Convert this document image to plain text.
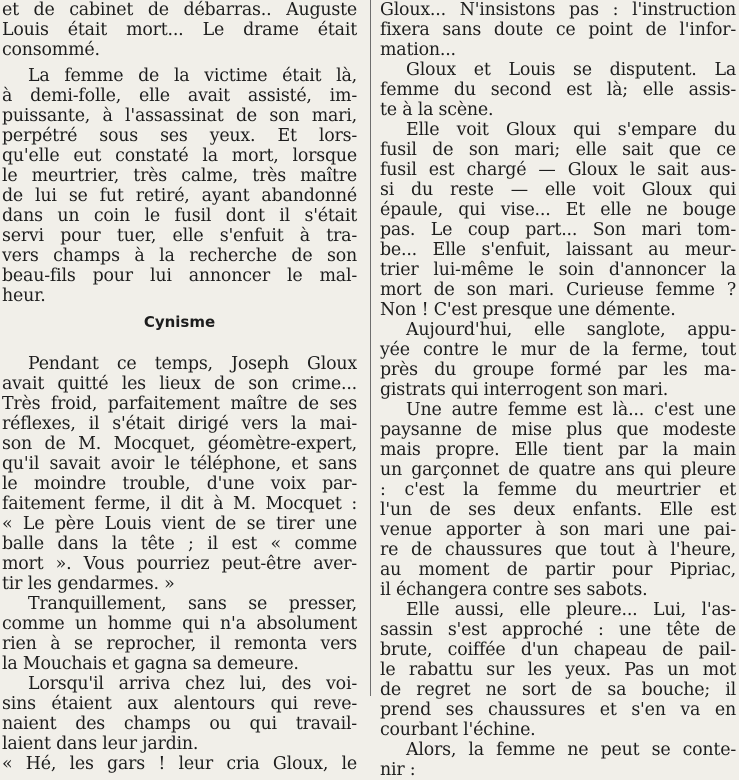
et de cabinet de débarras.. Auguste
Louis était mort... Le drame était
consommé.
La femme de la victime était là,
à demi-folle, elle avait assisté, im-
puissante, à l'assassinat de son mari,
perpétré sous ses yeux. Et lors-
qu'elle eut constaté la mort, lorsque
le meurtrier, très calme, très maître
de lui se fut retiré, ayant abandonné
dans un coin le fusil dont il s'était
servi pour tuer, elle s'enfuit à tra-
vers champs à la recherche de son
beau-fils pour lui annoncer le mal-
heur.
Cynisme
Pendant ce temps, Joseph Gloux
avait quitté les lieux de son crime...
Très froid, parfaitement maître de ses
réflexes, il s'était dirigé vers la mai-
son de M. Mocquet, géomètre-expert,
qu'il savait avoir le téléphone, et sans
le moindre trouble, d'une voix par-
faitement ferme, il dit à M. Mocquet :
« Le père Louis vient de se tirer une
balle dans la tête ; il est « comme
mort ». Vous pourriez peut-être aver-
tir les gendarmes. »
Tranquillement, sans se presser,
comme un homme qui n'a absolument
rien à se reprocher, il remonta vers
la Mouchais et gagna sa demeure.
Lorsqu'il arriva chez lui, des voi-
sins étaient aux alentours qui reve-
naient des champs ou qui travail-
laient dans leur jardin.
« Hé, les gars ! leur cria Gloux, le
Gloux... N'insistons pas : l'instruction
fixera sans doute ce point de l'infor-
mation...
Gloux et Louis se disputent. La
femme du second est là; elle assis-
te à la scène.
Elle voit Gloux qui s'empare du
fusil de son mari; elle sait que ce
fusil est chargé — Gloux le sait aus-
si du reste — elle voit Gloux qui
épaule, qui vise... Et elle ne bouge
pas. Le coup part... Son mari tom-
be... Elle s'enfuit, laissant au meur-
trier lui-même le soin d'annoncer la
mort de son mari. Curieuse femme ?
Non ! C'est presque une démente.
Aujourd'hui, elle sanglote, appu-
yée contre le mur de la ferme, tout
près du groupe formé par les ma-
gistrats qui interrogent son mari.
Une autre femme est là... c'est une
paysanne de mise plus que modeste
mais propre. Elle tient par la main
un garçonnet de quatre ans qui pleure
: c'est la femme du meurtrier et
l'un de ses deux enfants. Elle est
venue apporter à son mari une pai-
re de chaussures que tout à l'heure,
au moment de partir pour Pipriac,
il échangera contre ses sabots.
Elle aussi, elle pleure... Lui, l'as-
sassin s'est approché : une tête de
brute, coiffée d'un chapeau de pail-
le rabattu sur les yeux. Pas un mot
de regret ne sort de sa bouche; il
prend ses chaussures et s'en va en
courbant l'échine.
Alors, la femme ne peut se conte-
nir :
